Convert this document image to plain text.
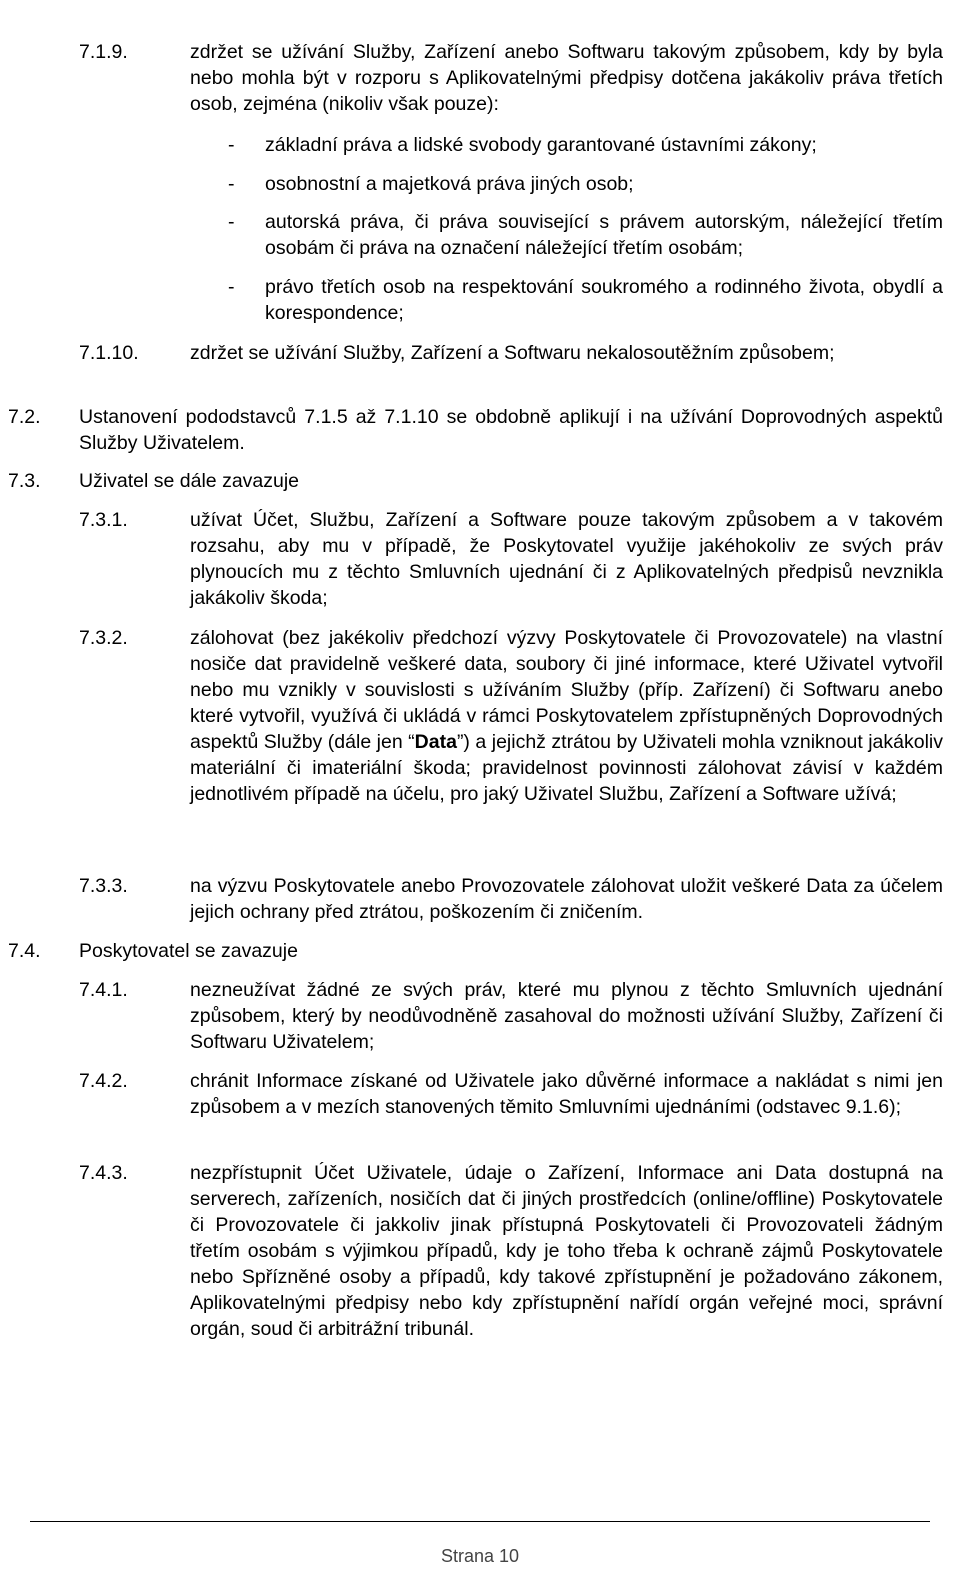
7.1.9.	zdržet se užívání Služby, Zařízení anebo Softwaru takovým způsobem, kdy by byla nebo mohla být v rozporu s Aplikovatelnými předpisy dotčena jakákoliv práva třetích osob, zejména (nikoliv však pouze):
- základní práva a lidské svobody garantované ústavními zákony;
- osobnostní a majetková práva jiných osob;
- autorská práva, či práva související s právem autorským, náležející třetím osobám či práva na označení náležející třetím osobám;
- právo třetích osob na respektování soukromého a rodinného života, obydlí a korespondence;
7.1.10.	zdržet se užívání Služby, Zařízení a Softwaru nekalosoutěžním způsobem;
7.2. Ustanovení pododstavců 7.1.5 až 7.1.10 se obdobně aplikují i na užívání Doprovodných aspektů Služby Uživatelem.
7.3. Uživatel se dále zavazuje
7.3.1.	užívat Účet, Službu, Zařízení a Software pouze takovým způsobem a v takovém rozsahu, aby mu v případě, že Poskytovatel využije jakéhokoliv ze svých práv plynoucích mu z těchto Smluvních ujednání či z Aplikovatelných předpisů nevznikla jakákoliv škoda;
7.3.2.	zálohovat (bez jakékoliv předchozí výzvy Poskytovatele či Provozovatele) na vlastní nosiče dat pravidelně veškeré data, soubory či jiné informace, které Uživatel vytvořil nebo mu vznikly v souvislosti s užíváním Služby (příp. Zařízení) či Softwaru anebo které vytvořil, využívá či ukládá v rámci Poskytovatelem zpřístupněných Doprovodných aspektů Služby (dále jen “Data”) a jejichž ztrátou by Uživateli mohla vzniknout jakákoliv materiální či imateriální škoda; pravidelnost povinnosti zálohovat závisí v každém jednotlivém případě na účelu, pro jaký Uživatel Službu, Zařízení a Software užívá;
7.3.3.	na výzvu Poskytovatele anebo Provozovatele zálohovat uložit veškeré Data za účelem jejich ochrany před ztrátou, poškozením či zničením.
7.4. Poskytovatel se zavazuje
7.4.1.	nezneužívat žádné ze svých práv, které mu plynou z těchto Smluvních ujednání způsobem, který by neodůvodněně zasahoval do možnosti užívání Služby, Zařízení či Softwaru Uživatelem;
7.4.2.	chránit Informace získané od Uživatele jako důvěrné informace a nakládat s nimi jen způsobem a v mezích stanovených těmito Smluvními ujednáními (odstavec 9.1.6);
7.4.3.	nezpřístupnit Účet Uživatele, údaje o Zařízení, Informace ani Data dostupná na serverech, zařízeních, nosičích dat či jiných prostředcích (online/offline) Poskytovatele či Provozovatele či jakkoliv jinak přístupná Poskytovateli či Provozovateli žádným třetím osobám s výjimkou případů, kdy je toho třeba k ochraně zájmů Poskytovatele nebo Spřízněné osoby a případů, kdy takové zpřístupnění je požadováno zákonem, Aplikovatelnými předpisy nebo kdy zpřístupnění nařídí orgán veřejné moci, správní orgán, soud či arbitrážní tribunál.
Strana 10
